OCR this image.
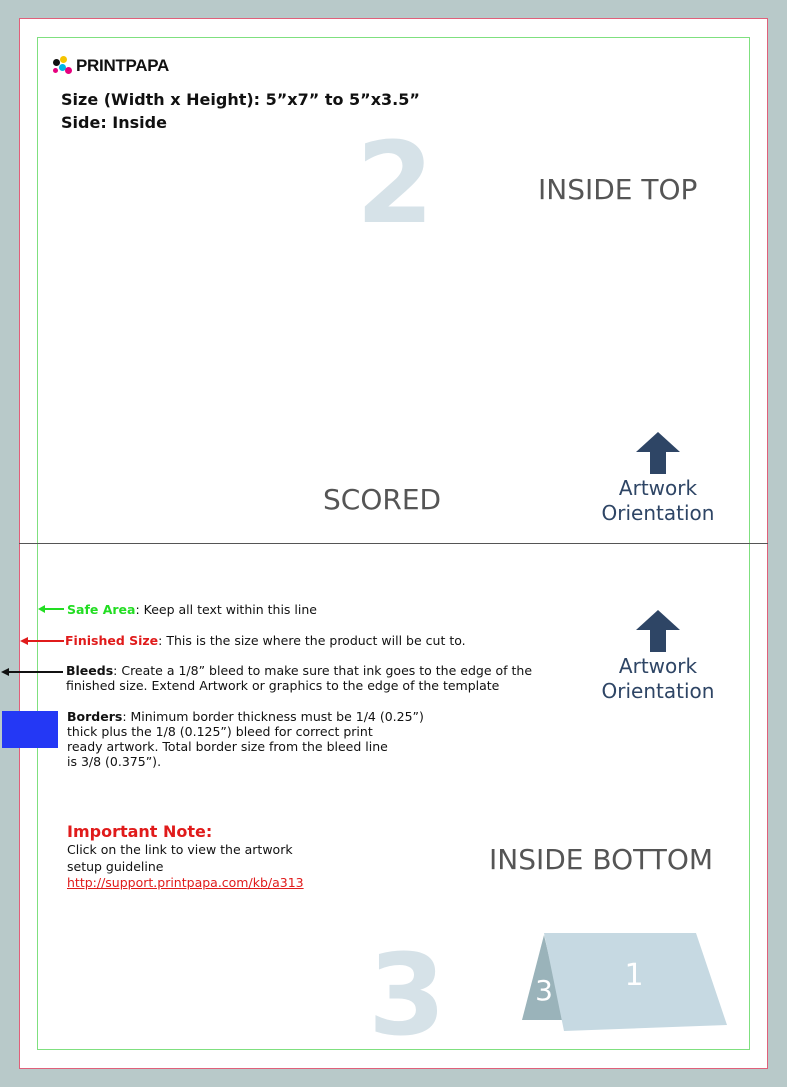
PRINTPAPA
Size (Width x Height): 5”x7” to 5”x3.5”
Side: Inside 2	INSIDE TOP
SCORED	Artwork
Orientation
Safe Area: Keep all text within this line
Finished Size: This is the size where the product will be cut to.
Bleeds: Create a 1/8” bleed to make sure that ink goes to the edge of the
finished size. Extend Artwork or graphics to the edge of the template
Borders: Minimum border thickness must be 1/4 (0.25”)
thick plus the 1/8 (0.125”) bleed for correct print
ready artwork. Total border size from the bleed line
is 3/8 (0.375”).
Artwork
Orientation
Important Note:
Click on the link to view the artwork
setup guideline
http://support.printpapa.com/kb/a313
INSIDE BOTTOM
3	3 1
